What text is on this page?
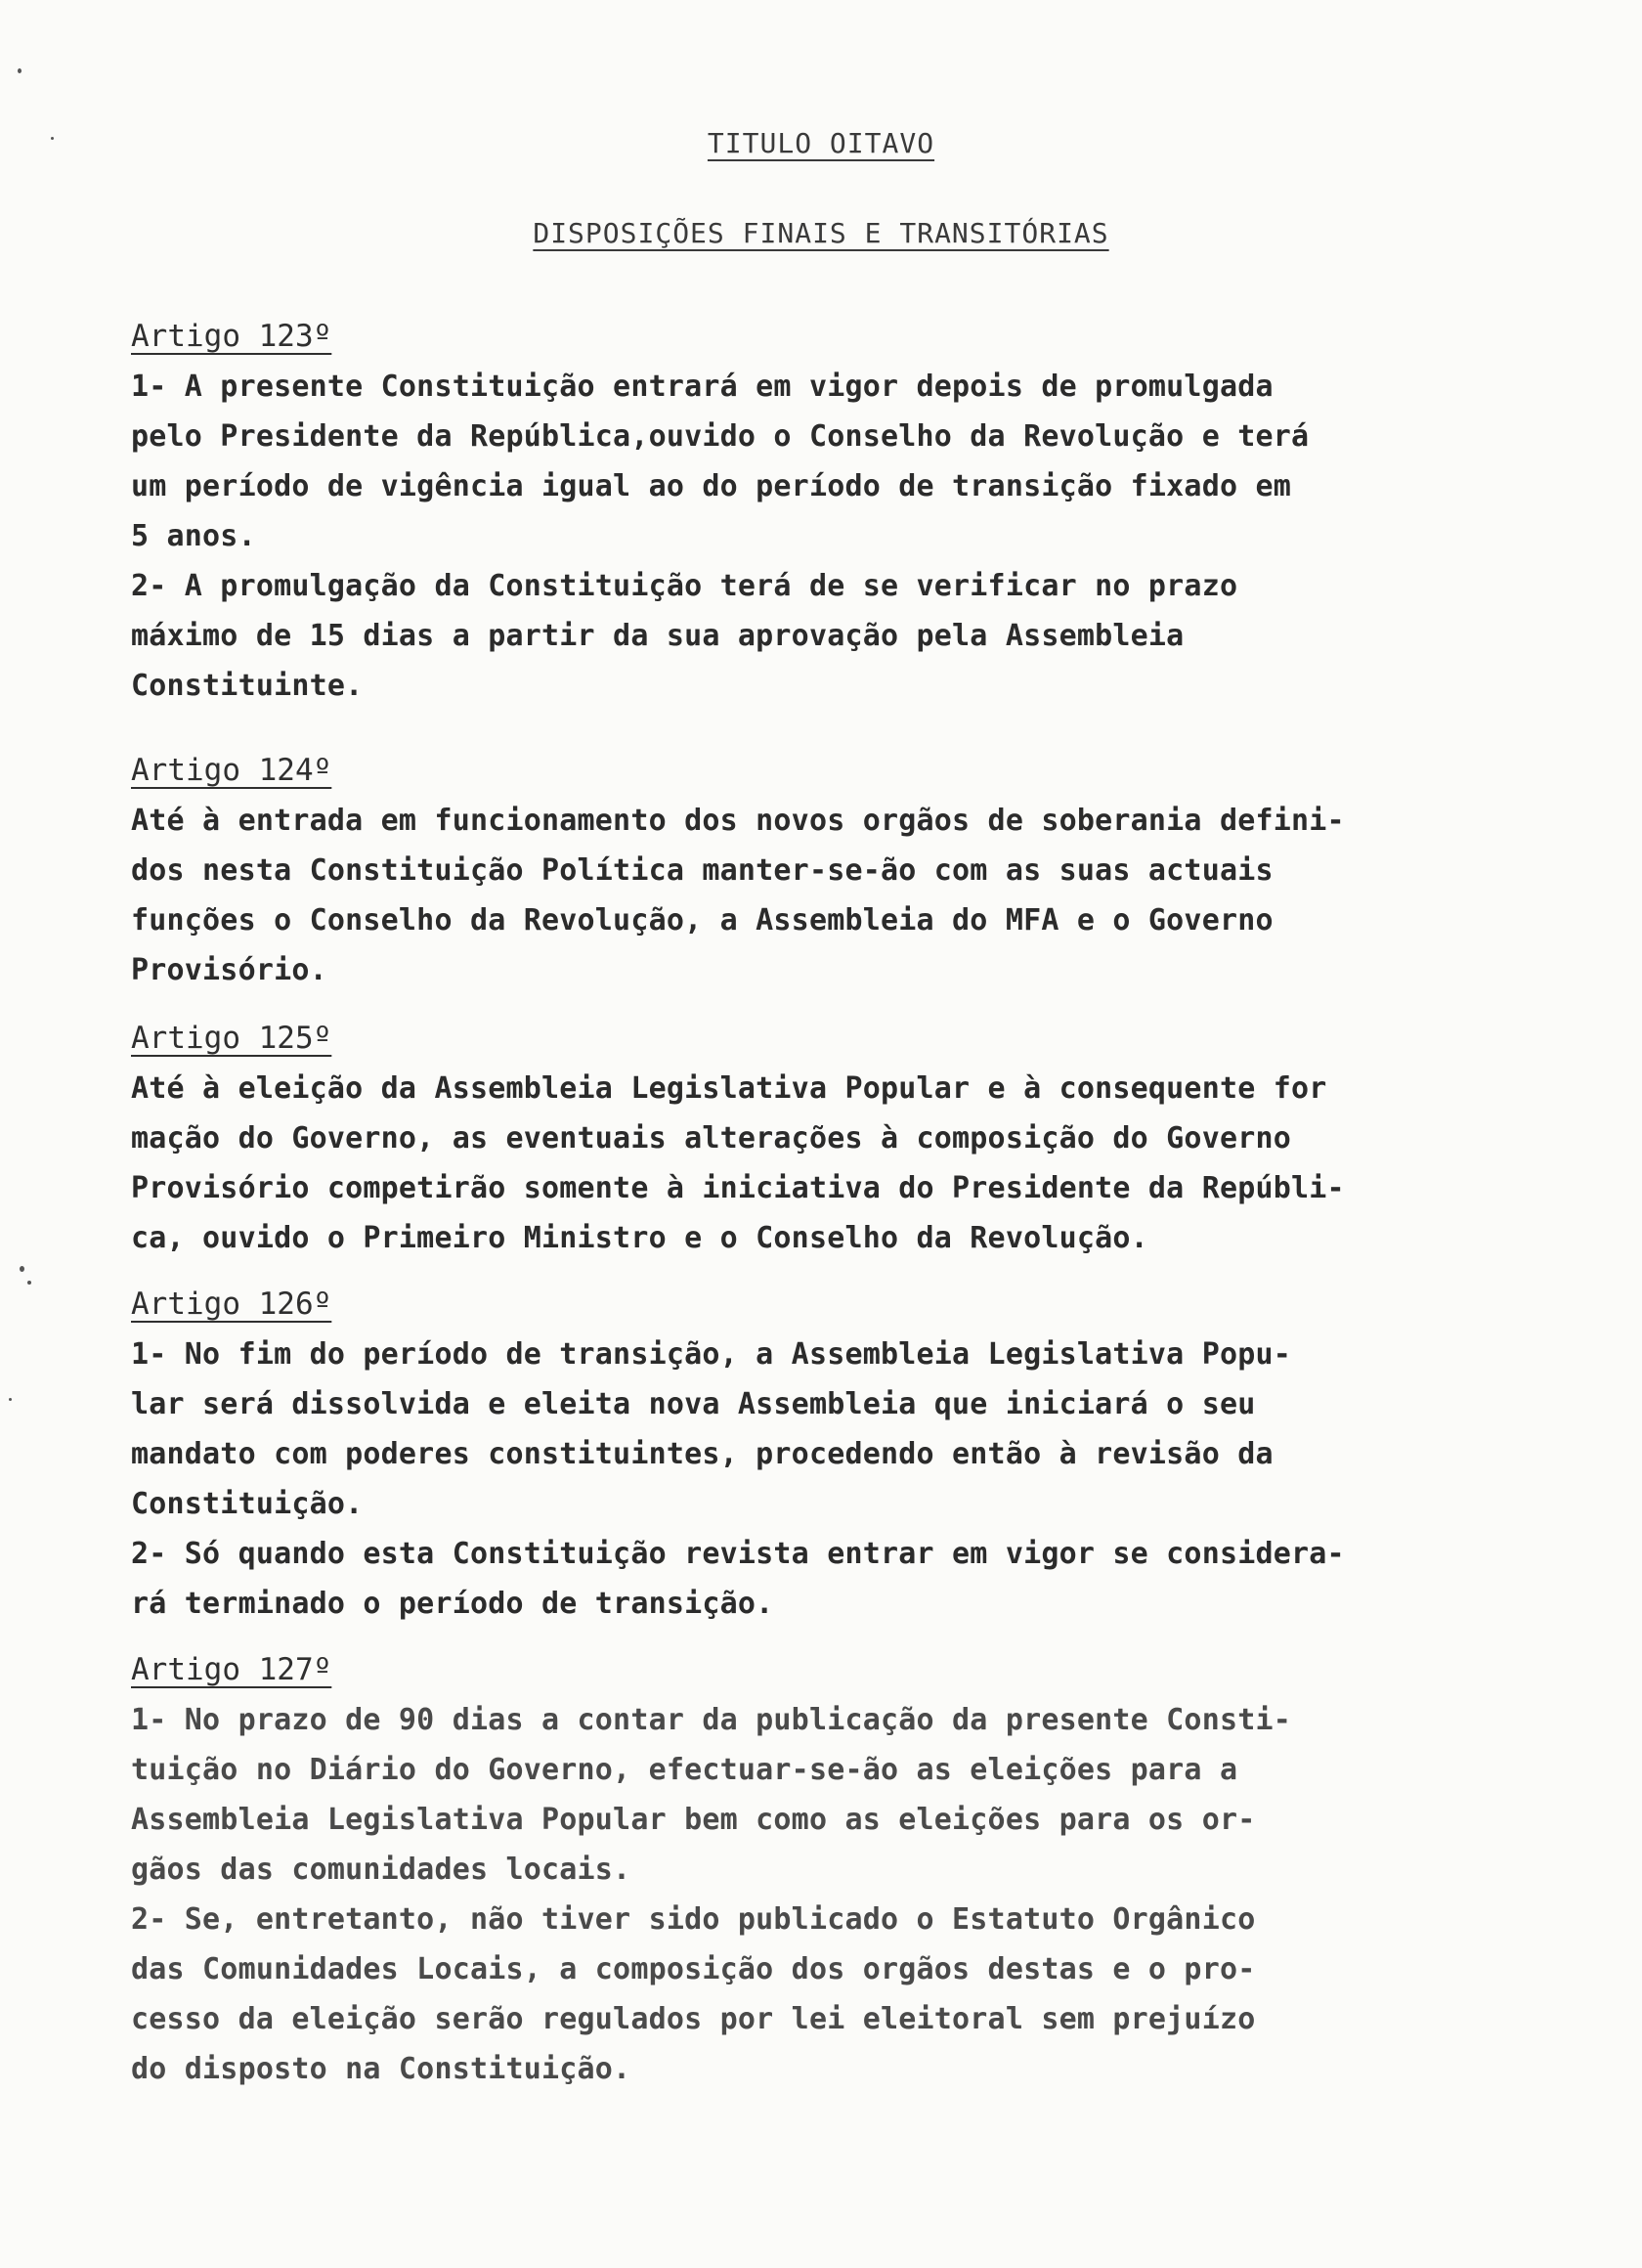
TITULO OITAVO
DISPOSIÇÕES FINAIS E TRANSITÓRIAS
Artigo 123º
1- A presente Constituição entrará em vigor depois de promulgada
pelo Presidente da República,ouvido o Conselho da Revolução e terá
um período de vigência igual ao do período de transição fixado em
5 anos.
2- A promulgação da Constituição terá de se verificar no prazo
máximo de 15 dias a partir da sua aprovação pela Assembleia
Constituinte.
Artigo 124º
Até à entrada em funcionamento dos novos orgãos de soberania defini-
dos nesta Constituição Política manter-se-ão com as suas actuais
funções o Conselho da Revolução, a Assembleia do MFA e o Governo
Provisório.
Artigo 125º
Até à eleição da Assembleia Legislativa Popular e à consequente for
mação do Governo, as eventuais alterações à composição do Governo
Provisório competirão somente à iniciativa do Presidente da Repúbli-
ca, ouvido o Primeiro Ministro e o Conselho da Revolução.
Artigo 126º
1- No fim do período de transição, a Assembleia Legislativa Popu-
lar será dissolvida e eleita nova Assembleia que iniciará o seu
mandato com poderes constituintes, procedendo então à revisão da
Constituição.
2- Só quando esta Constituição revista entrar em vigor se considera-
rá terminado o período de transição.
Artigo 127º
1- No prazo de 90 dias a contar da publicação da presente Consti-
tuição no Diário do Governo, efectuar-se-ão as eleições para a
Assembleia Legislativa Popular bem como as eleições para os or-
gãos das comunidades locais.
2- Se, entretanto, não tiver sido publicado o Estatuto Orgânico
das Comunidades Locais, a composição dos orgãos destas e o pro-
cesso da eleição serão regulados por lei eleitoral sem prejuízo
do disposto na Constituição.
